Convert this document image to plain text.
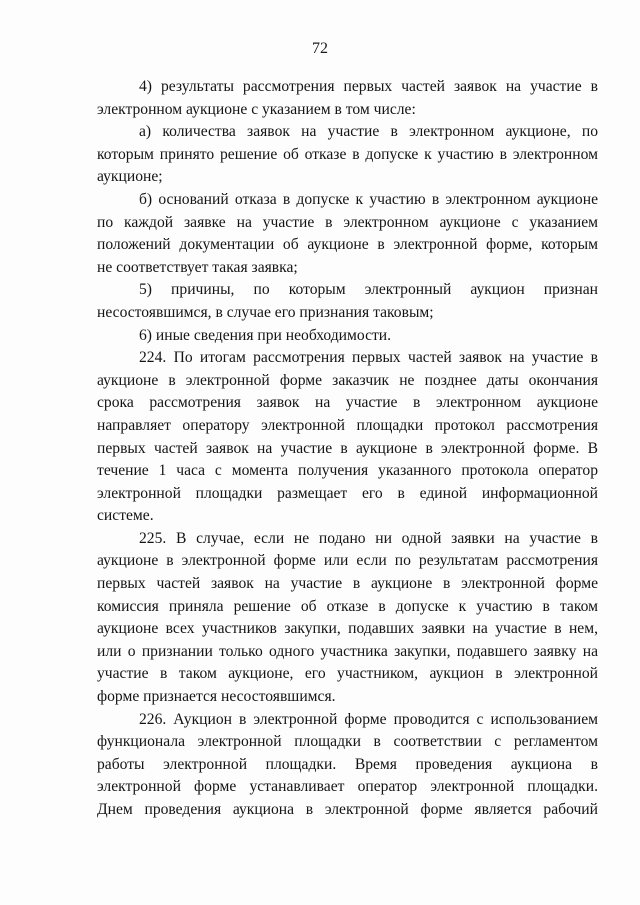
72
4) результаты рассмотрения первых частей заявок на участие в
электронном аукционе с указанием в том числе:
а) количества заявок на участие в электронном аукционе, по
которым принято решение об отказе в допуске к участию в электронном
аукционе;
б) оснований отказа в допуске к участию в электронном аукционе
по каждой заявке на участие в электронном аукционе с указанием
положений документации об аукционе в электронной форме, которым
не соответствует такая заявка;
5) причины, по которым электронный аукцион признан
несостоявшимся, в случае его признания таковым;
6) иные сведения при необходимости.
224. По итогам рассмотрения первых частей заявок на участие в
аукционе в электронной форме заказчик не позднее даты окончания
срока рассмотрения заявок на участие в электронном аукционе
направляет оператору электронной площадки протокол рассмотрения
первых частей заявок на участие в аукционе в электронной форме. В
течение 1 часа с момента получения указанного протокола оператор
электронной площадки размещает его в единой информационной
системе.
225. В случае, если не подано ни одной заявки на участие в
аукционе в электронной форме или если по результатам рассмотрения
первых частей заявок на участие в аукционе в электронной форме
комиссия приняла решение об отказе в допуске к участию в таком
аукционе всех участников закупки, подавших заявки на участие в нем,
или о признании только одного участника закупки, подавшего заявку на
участие в таком аукционе, его участником, аукцион в электронной
форме признается несостоявшимся.
226. Аукцион в электронной форме проводится с использованием
функционала электронной площадки в соответствии с регламентом
работы электронной площадки. Время проведения аукциона в
электронной форме устанавливает оператор электронной площадки.
Днем проведения аукциона в электронной форме является рабочий
